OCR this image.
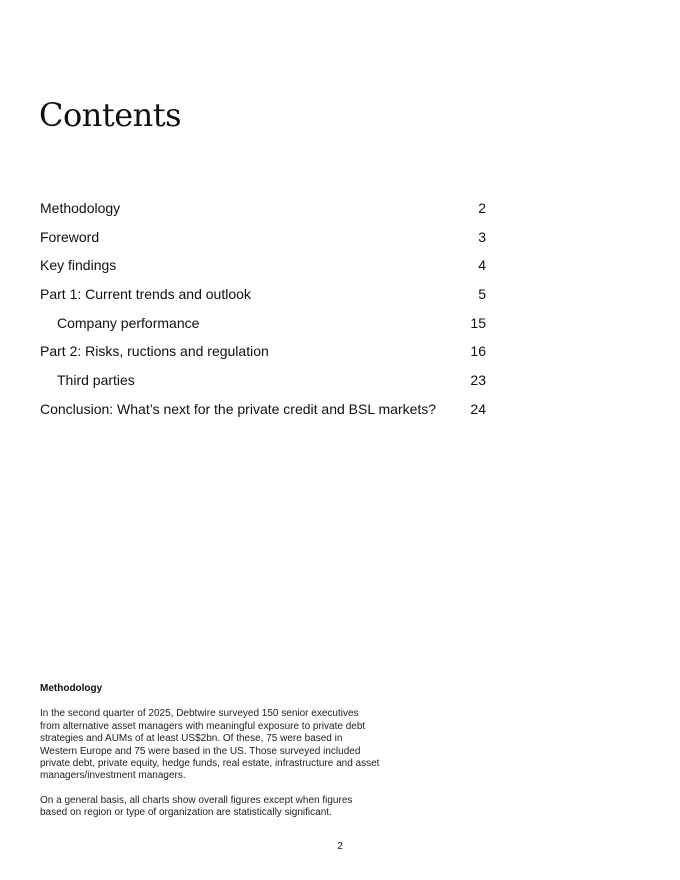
Contents
Methodology	2
Foreword	3
Key findings	4
Part 1: Current trends and outlook	5
Company performance	15
Part 2: Risks, ructions and regulation	16
Third parties	23
Conclusion: What’s next for the private credit and BSL markets? 24
Methodology

In the second quarter of 2025, Debtwire surveyed 150 senior executives from alternative asset managers with meaningful exposure to private debt strategies and AUMs of at least US$2bn. Of these, 75 were based in Western Europe and 75 were based in the US. Those surveyed included private debt, private equity, hedge funds, real estate, infrastructure and asset managers/investment managers.

On a general basis, all charts show overall figures except when figures based on region or type of organization are statistically significant.

2
